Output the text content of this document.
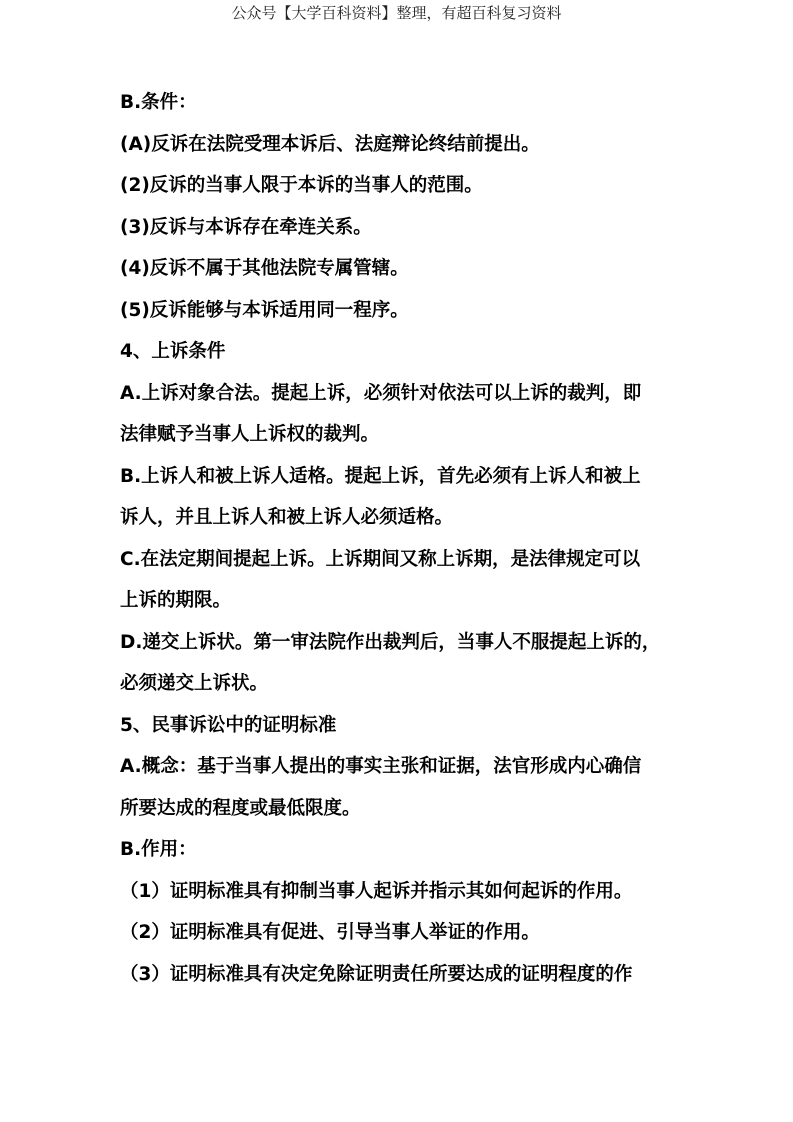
公众号【大学百科资料】整理，有超百科复习资料
B.条件：
(A)反诉在法院受理本诉后、法庭辩论终结前提出。
(2)反诉的当事人限于本诉的当事人的范围。
(3)反诉与本诉存在牵连关系。
(4)反诉不属于其他法院专属管辖。
(5)反诉能够与本诉适用同一程序。
4、上诉条件
A.上诉对象合法。提起上诉，必须针对依法可以上诉的裁判，即
法律赋予当事人上诉权的裁判。
B.上诉人和被上诉人适格。提起上诉，首先必须有上诉人和被上
诉人，并且上诉人和被上诉人必须适格。
C.在法定期间提起上诉。上诉期间又称上诉期，是法律规定可以
上诉的期限。
D.递交上诉状。第一审法院作出裁判后，当事人不服提起上诉的，
必须递交上诉状。
5、民事诉讼中的证明标准
A.概念：基于当事人提出的事实主张和证据，法官形成内心确信
所要达成的程度或最低限度。
B.作用：
（1）证明标准具有抑制当事人起诉并指示其如何起诉的作用。
（2）证明标准具有促进、引导当事人举证的作用。
（3）证明标准具有决定免除证明责任所要达成的证明程度的作
